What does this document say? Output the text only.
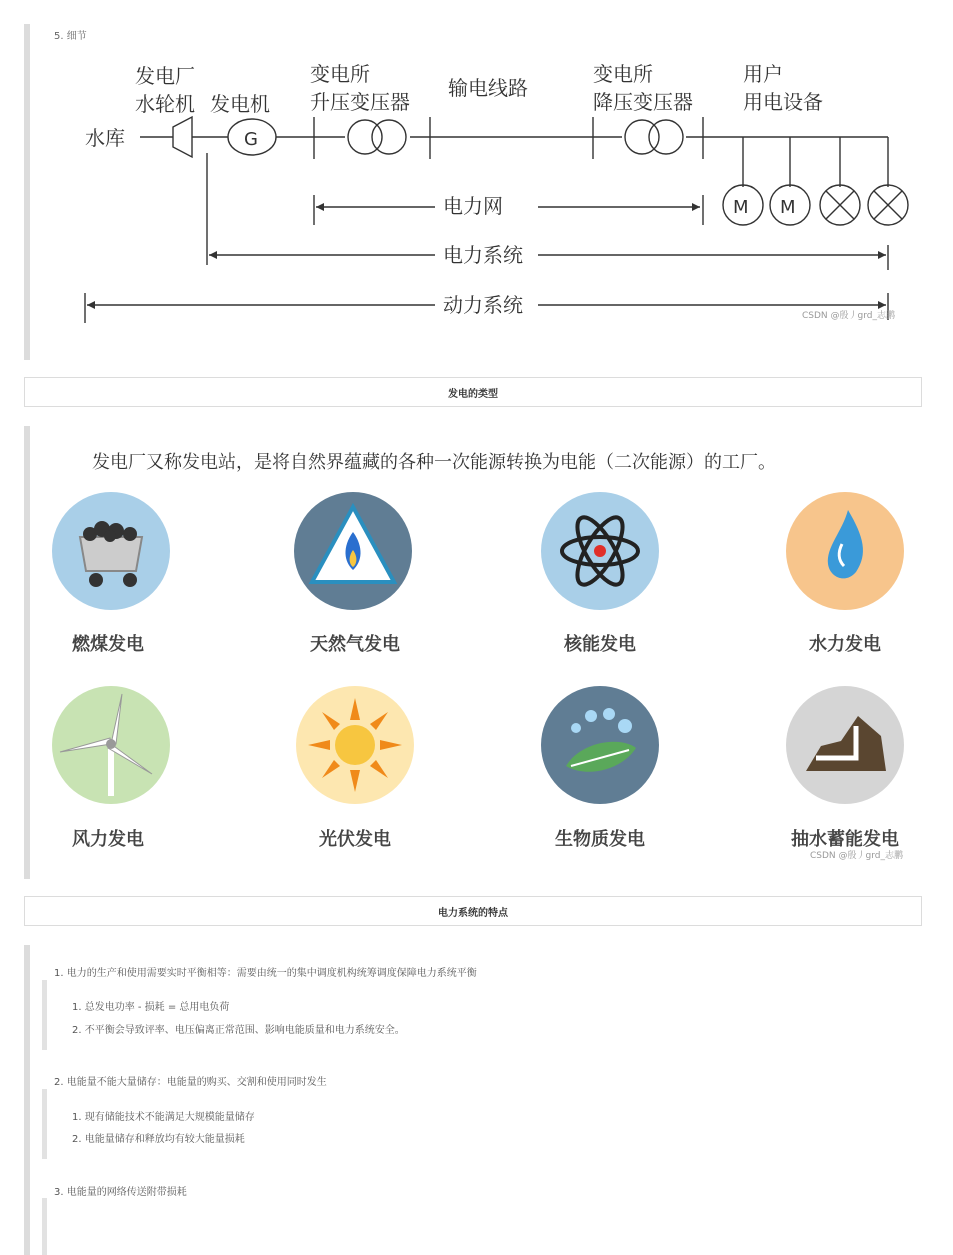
5. 细节
水库
发电厂
水轮机 发电机
G
变电所
升压变压器
输电线路
变电所
降压变压器
用户
用电设备
M M
电力网
电力系统
动力系统	CSDN @殷丿grd_志鹏
发电的类型
发电厂又称发电站，是将自然界蕴藏的各种一次能源转换为电能（二次能源）的工厂。
燃煤发电	天然气发电	核能发电	水力发电
风力发电	光伏发电	生物质发电	抽水蓄能发电
CSDN @殷丿grd_志鹏
电力系统的特点
1. 电力的生产和使用需要实时平衡相等：需要由统一的集中调度机构统筹调度保障电力系统平衡
1. 总发电功率 - 损耗 = 总用电负荷
2. 不平衡会导致评率、电压偏离正常范围、影响电能质量和电力系统安全。
2. 电能量不能大量储存：电能量的购买、交割和使用同时发生
1. 现有储能技术不能满足大规模能量储存
2. 电能量储存和释放均有较大能量损耗
3. 电能量的网络传送附带损耗
